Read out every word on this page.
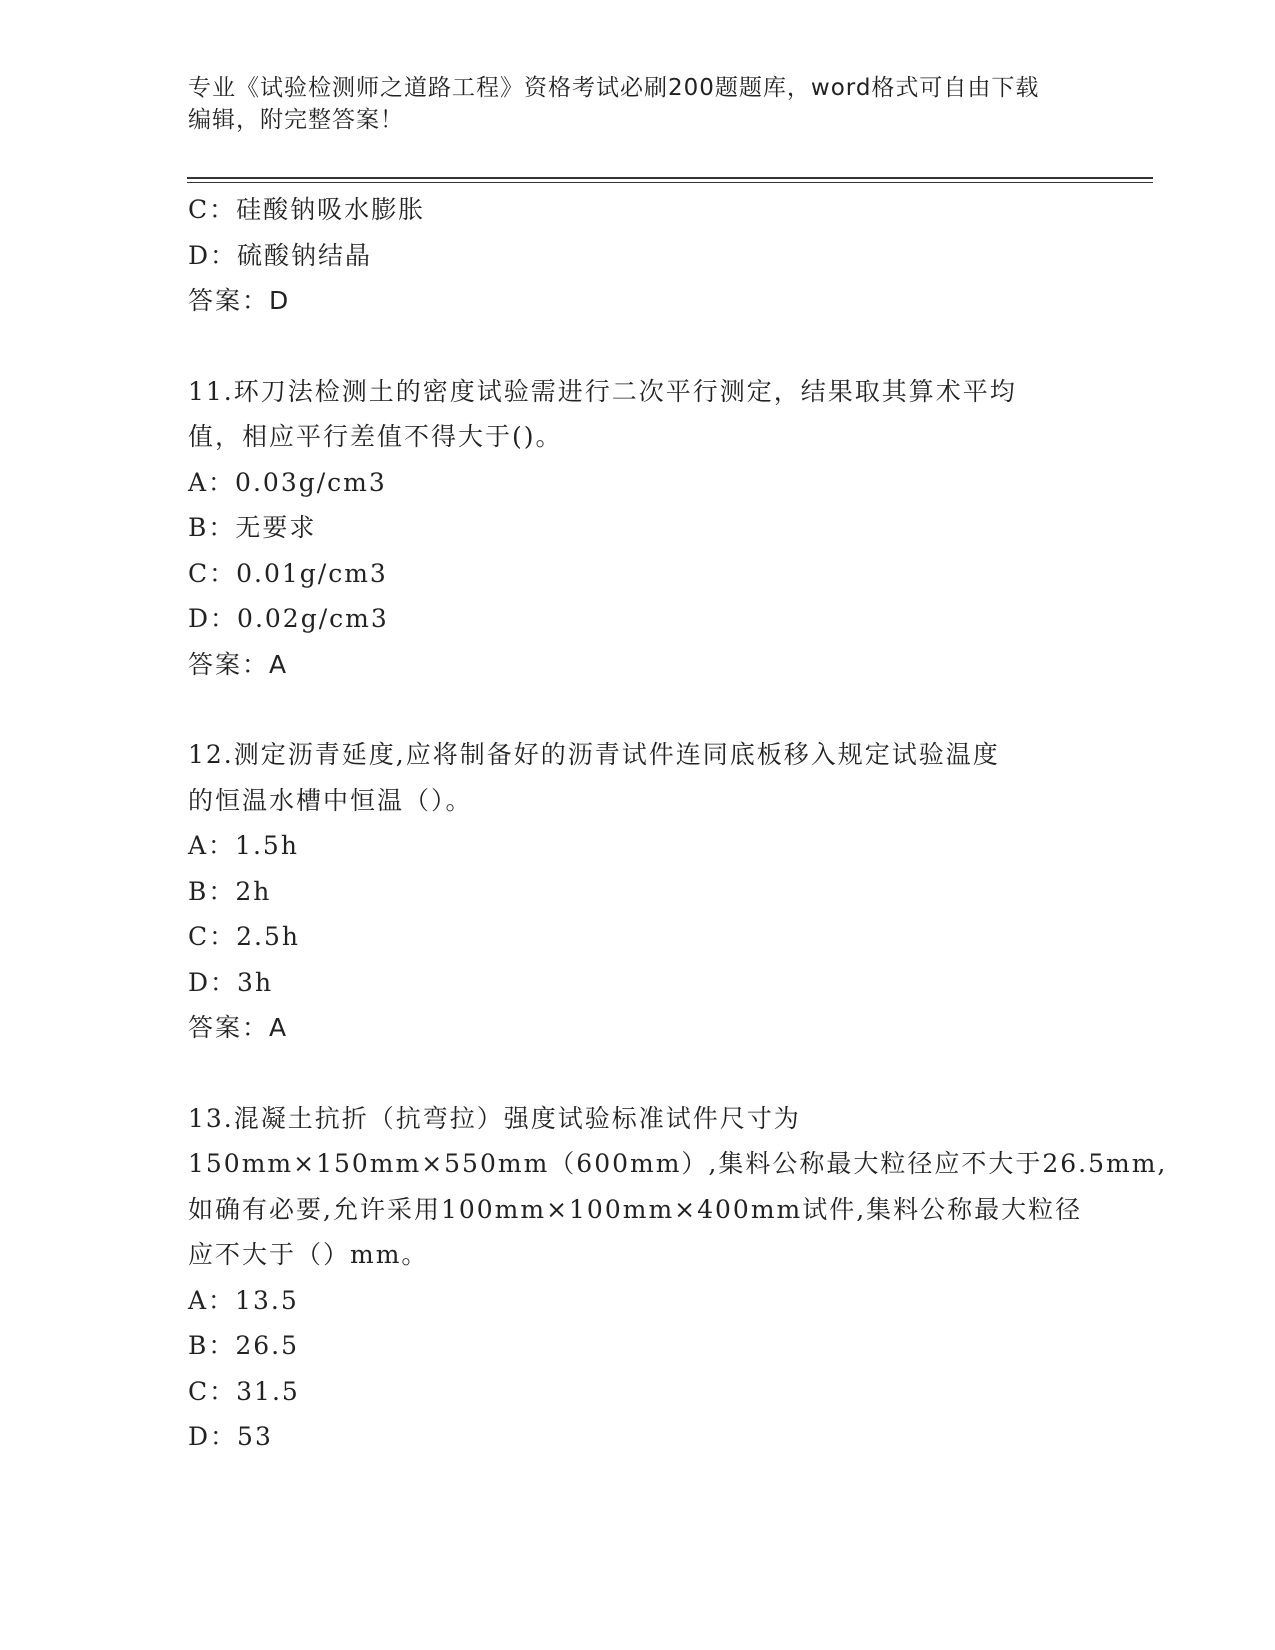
专业《试验检测师之道路工程》资格考试必刷200题题库，word格式可自由下载
编辑，附完整答案！
C：硅酸钠吸水膨胀
D：硫酸钠结晶
答案：D
11.环刀法检测土的密度试验需进行二次平行测定，结果取其算术平均
值，相应平行差值不得大于()。
A：0.03g/cm3
B：无要求
C：0.01g/cm3
D：0.02g/cm3
答案：A
12.测定沥青延度,应将制备好的沥青试件连同底板移入规定试验温度
的恒温水槽中恒温（）。
A：1.5h
B：2h
C：2.5h
D：3h
答案：A
13.混凝土抗折（抗弯拉）强度试验标准试件尺寸为
150mm×150mm×550mm（600mm）,集料公称最大粒径应不大于26.5mm,
如确有必要,允许采用100mm×100mm×400mm试件,集料公称最大粒径
应不大于（）mm。
A：13.5
B：26.5
C：31.5
D：53
